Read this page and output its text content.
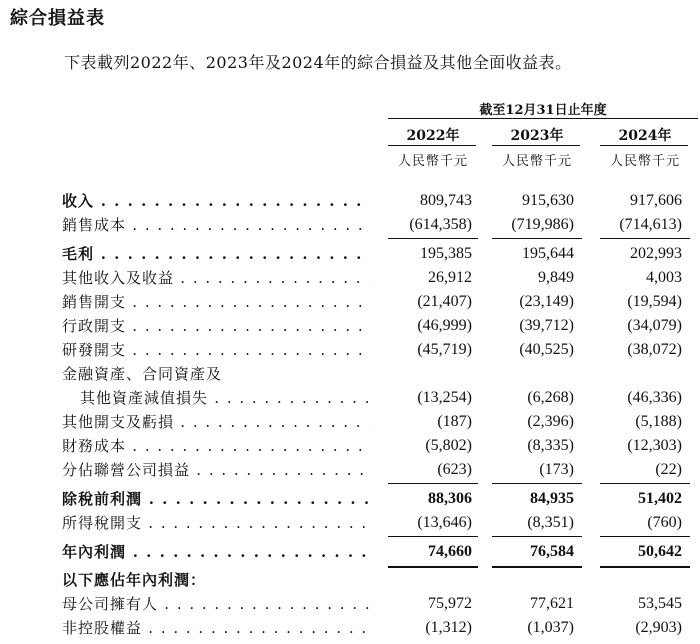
綜合損益表
下表載列2022年、2023年及2024年的綜合損益及其他全面收益表。
截至12月31日止年度
2022年	2023年	2024年
人民幣千元	人民幣千元	人民幣千元
收入 . . .	809,743	915,630	917,606
銷售成本 . . .	(614,358)	(719,986)	(714,613)
毛利 . . .	195,385	195,644	202,993
其他收入及收益 . . .	26,912	9,849	4,003
銷售開支 . . .	(21,407)	(23,149)	(19,594)
行政開支 . . .	(46,999)	(39,712)	(34,079)
研發開支 . . .	(45,719)	(40,525)	(38,072)
金融資產、合同資產及
其他資產減值損失 . . .	(13,254)	(6,268)	(46,336)
其他開支及虧損 . . .	(187)	(2,396)	(5,188)
財務成本 . . .	(5,802)	(8,335)	(12,303)
分佔聯營公司損益 . . .	(623)	(173)	(22)
除稅前利潤 . . .	88,306	84,935	51,402
所得稅開支 . . .	(13,646)	(8,351)	(760)
年內利潤 . . .	74,660	76,584	50,642
以下應佔年內利潤：
母公司擁有人 . . .	75,972	77,621	53,545
非控股權益 . . .	(1,312)	(1,037)	(2,903)
